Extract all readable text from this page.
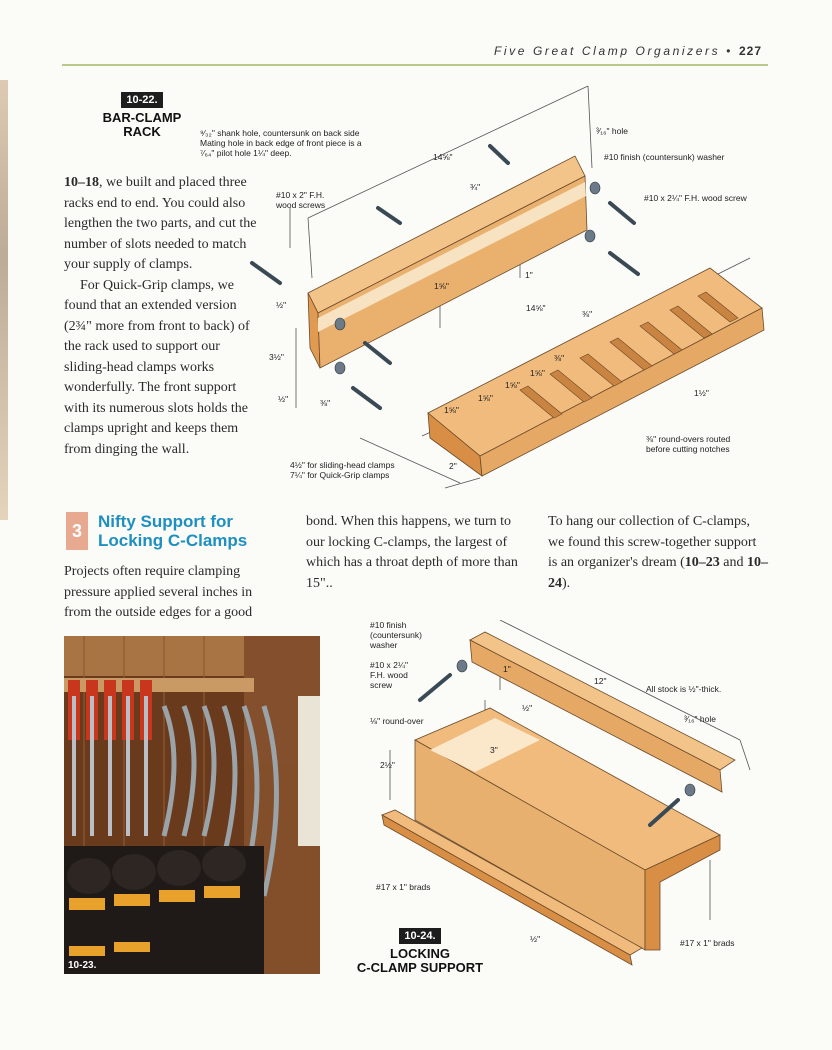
Five Great Clamp Organizers • 227
10-22.
BAR-CLAMP
RACK	⁹⁄₃₂" shank hole, countersunk on back side
Mating hole in back edge of front piece is a
⁷⁄₆₄" pilot hole 1¼" deep.
#10 x 2" F.H.
wood screws
³⁄₁₆" hole
#10 finish (countersunk) washer
#10 x 2¼" F.H. wood screw
⅜" round-overs routed
before cutting notches
4½" for sliding-head clamps
7¼" for Quick-Grip clamps
14⅝"
¾"
1⅝"
1"
14⅝"
⅜"
⅜"
½"
3½"
½"	⅜"
1⅝"
1⅝"
1⅝"
1⅝"
1½"
2"

10–18, we built and placed three racks end to end. You could also lengthen the two parts, and cut the number of slots needed to match your supply of clamps.

For Quick-Grip clamps, we found that an extended version (2¾" more from front to back) of the rack used to support our sliding-head clamps works wonderfully. The front support with its numerous slots holds the clamps upright and keeps them from dinging the wall.

3 Nifty Support for
Locking C-Clamps
Projects often require clamping pressure applied several inches in from the outside edges for a good
bond. When this happens, we turn to our locking C-clamps, the largest of which has a throat depth of more than 15"..
To hang our collection of C-clamps, we found this screw-together support is an organizer's dream (10–23 and 10–24).
10-23.
#10 finish
(countersunk)
washer
#10 x 2¼"
F.H. wood
screw
⅛" round-over
All stock is ½"-thick.
³⁄₁₆" hole
#17 x 1" brads
#17 x 1" brads
1"
12"
½"
3"
2½"
½"
10-24.
LOCKING
C-CLAMP SUPPORT
